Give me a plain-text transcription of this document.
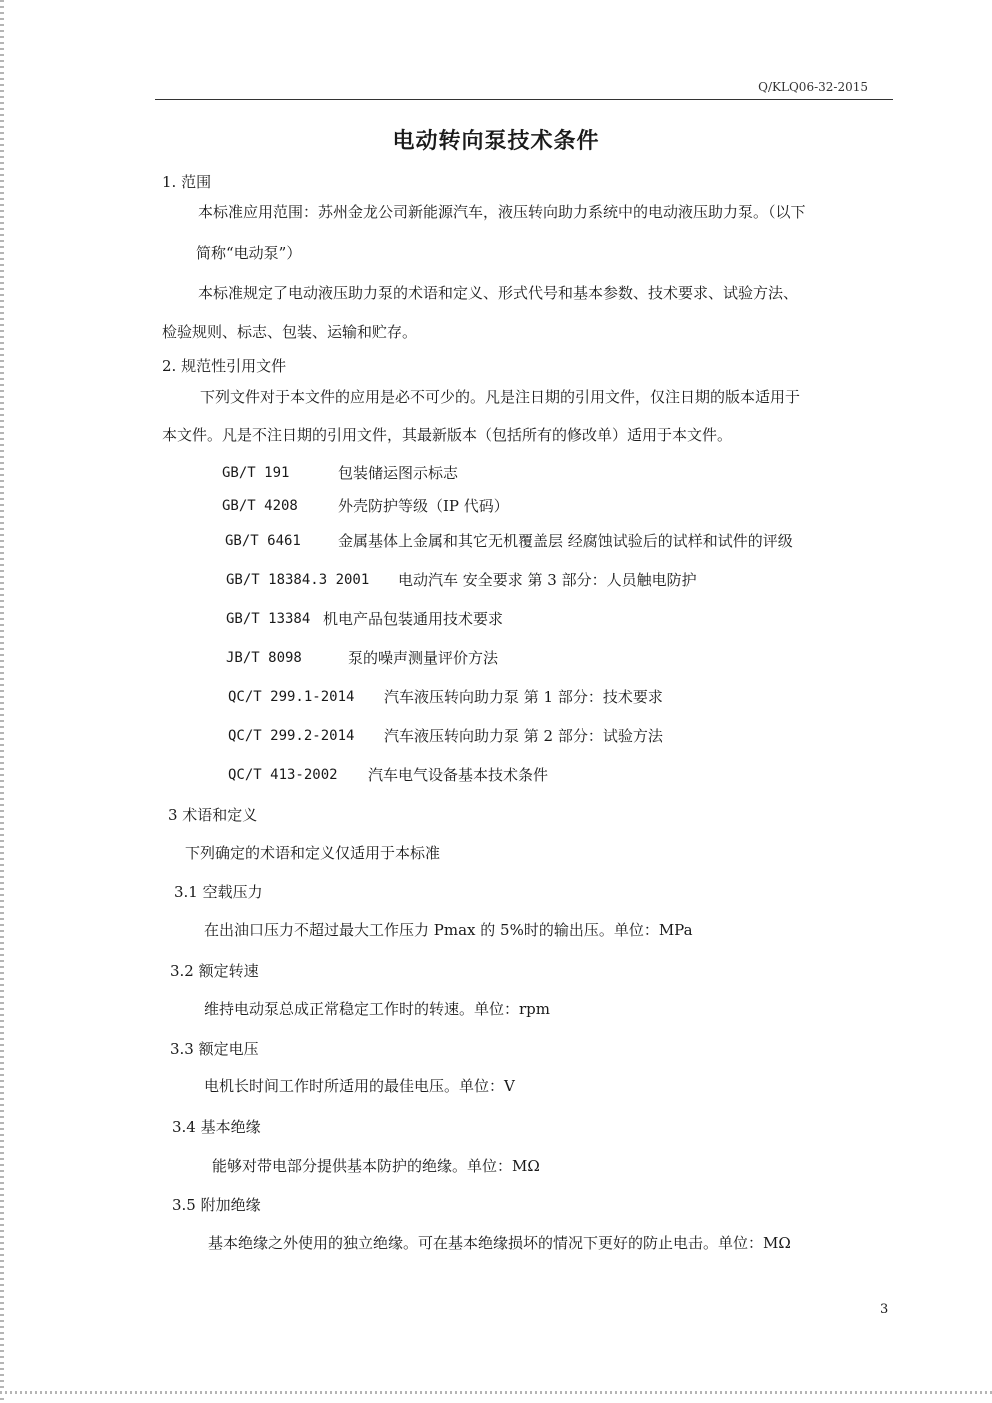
Q/KLQ06-32-2015
电动转向泵技术条件
1. 范围
本标准应用范围：苏州金龙公司新能源汽车，液压转向助力系统中的电动液压助力泵。（以下
简称“电动泵”）
本标准规定了电动液压助力泵的术语和定义、形式代号和基本参数、技术要求、试验方法、
检验规则、标志、包装、运输和贮存。
2. 规范性引用文件
下列文件对于本文件的应用是必不可少的。凡是注日期的引用文件，仅注日期的版本适用于
本文件。凡是不注日期的引用文件，其最新版本（包括所有的修改单）适用于本文件。
GB/T 191	包装储运图示标志
GB/T 4208	外壳防护等级（IP 代码）
GB/T 6461 金属基体上金属和其它无机覆盖层 经腐蚀试验后的试样和试件的评级
GB/T 18384.3 2001 电动汽车 安全要求 第 3 部分：人员触电防护
GB/T 13384 机电产品包装通用技术要求
JB/T 8098	泵的噪声测量评价方法
QC/T 299.1-2014 汽车液压转向助力泵 第 1 部分：技术要求
QC/T 299.2-2014 汽车液压转向助力泵 第 2 部分：试验方法
QC/T 413-2002 汽车电气设备基本技术条件
3 术语和定义
下列确定的术语和定义仅适用于本标准
3.1 空载压力
在出油口压力不超过最大工作压力 Pmax 的 5%时的输出压。单位：MPa
3.2 额定转速
维持电动泵总成正常稳定工作时的转速。单位：rpm
3.3 额定电压
电机长时间工作时所适用的最佳电压。单位：V
3.4 基本绝缘
能够对带电部分提供基本防护的绝缘。单位：MΩ
3.5 附加绝缘
基本绝缘之外使用的独立绝缘。可在基本绝缘损坏的情况下更好的防止电击。单位：MΩ
3
